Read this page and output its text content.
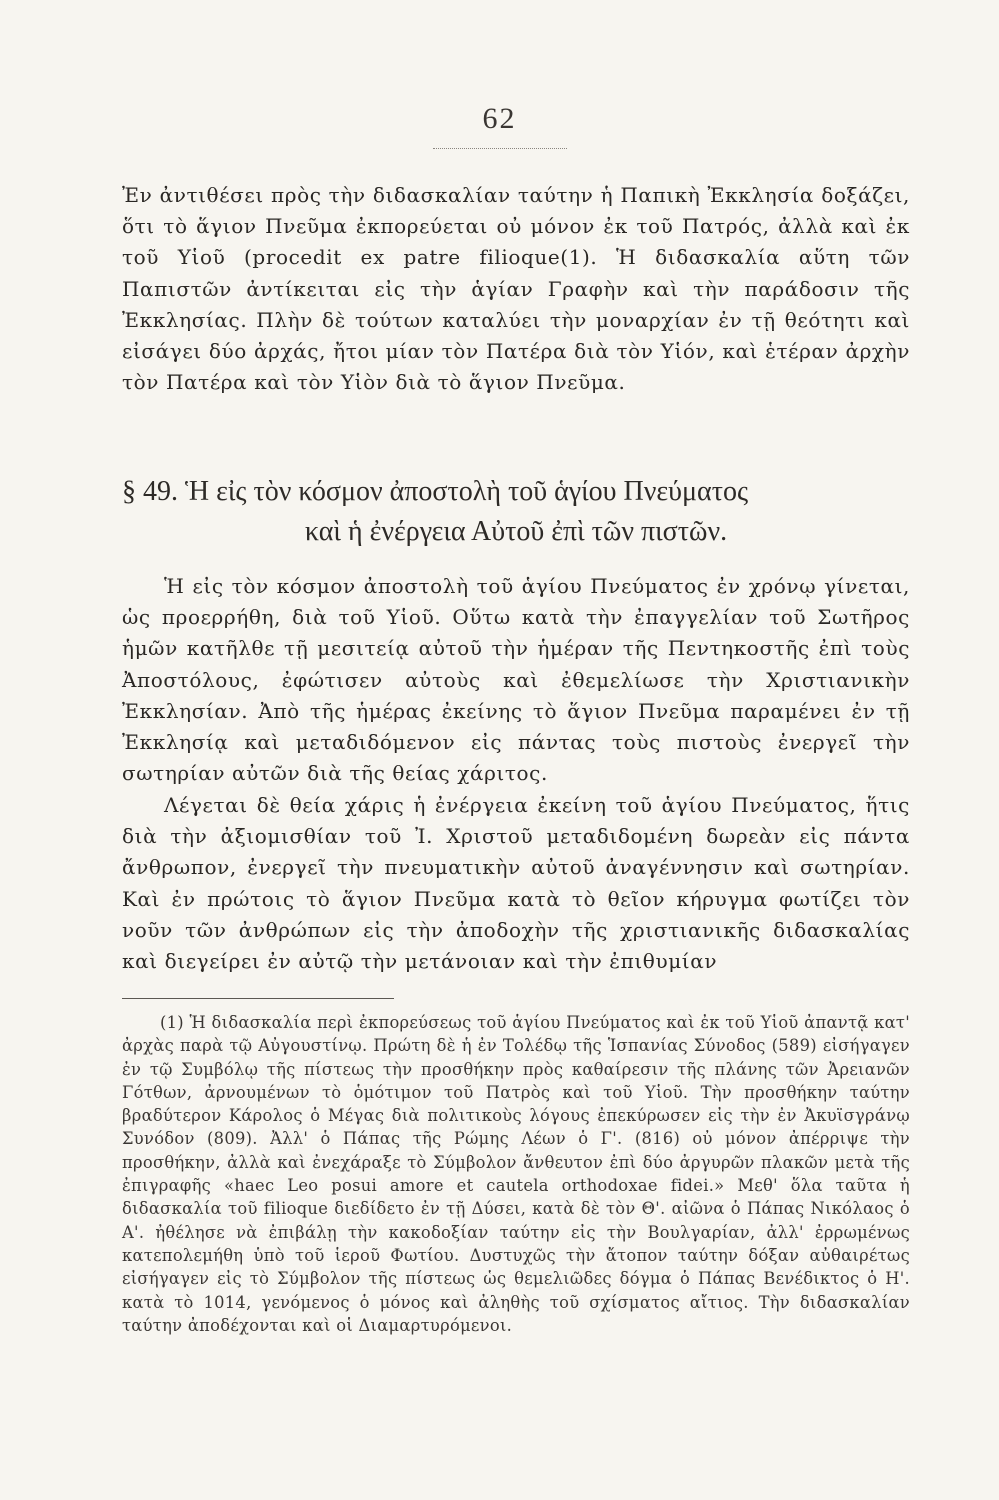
62

Ἐν ἀντιθέσει πρὸς τὴν διδασκαλίαν ταύτην ἡ Παπικὴ Ἐκκλησία δοξάζει, ὅτι τὸ ἅγιον Πνεῦμα ἐκπορεύεται οὐ μόνον ἐκ τοῦ Πατρός, ἀλλὰ καὶ ἐκ τοῦ Υἱοῦ (procedit ex patre filioque(1). Ἡ διδασκαλία αὕτη τῶν Παπιστῶν ἀντίκειται εἰς τὴν ἁγίαν Γραφὴν καὶ τὴν παράδοσιν τῆς Ἐκκλησίας. Πλὴν δὲ τούτων καταλύει τὴν μοναρχίαν ἐν τῇ θεότητι καὶ εἰσάγει δύο ἀρχάς, ἤτοι μίαν τὸν Πατέρα διὰ τὸν Υἱόν, καὶ ἑτέραν ἀρχὴν τὸν Πατέρα καὶ τὸν Υἱὸν διὰ τὸ ἅγιον Πνεῦμα.

§ 49. Ἡ εἰς τὸν κόσμον ἀποστολὴ τοῦ ἁγίου Πνεύματος
καὶ ἡ ἐνέργεια Αὐτοῦ ἐπὶ τῶν πιστῶν.

Ἡ εἰς τὸν κόσμον ἀποστολὴ τοῦ ἁγίου Πνεύματος ἐν χρόνῳ γίνεται, ὡς προερρήθη, διὰ τοῦ Υἱοῦ. Οὕτω κατὰ τὴν ἐπαγγελίαν τοῦ Σωτῆρος ἡμῶν κατῆλθε τῇ μεσιτείᾳ αὐτοῦ τὴν ἡμέραν τῆς Πεντηκοστῆς ἐπὶ τοὺς Ἀποστόλους, ἐφώτισεν αὐτοὺς καὶ ἐθεμελίωσε τὴν Χριστιανικὴν Ἐκκλησίαν. Ἀπὸ τῆς ἡμέρας ἐκείνης τὸ ἅγιον Πνεῦμα παραμένει ἐν τῇ Ἐκκλησίᾳ καὶ μεταδιδόμενον εἰς πάντας τοὺς πιστοὺς ἐνεργεῖ τὴν σωτηρίαν αὐτῶν διὰ τῆς θείας χάριτος.

Λέγεται δὲ θεία χάρις ἡ ἐνέργεια ἐκείνη τοῦ ἁγίου Πνεύματος, ἥτις διὰ τὴν ἀξιομισθίαν τοῦ Ἰ. Χριστοῦ μεταδιδομένη δωρεὰν εἰς πάντα ἄνθρωπον, ἐνεργεῖ τὴν πνευματικὴν αὐτοῦ ἀναγέννησιν καὶ σωτηρίαν. Καὶ ἐν πρώτοις τὸ ἅγιον Πνεῦμα κατὰ τὸ θεῖον κήρυγμα φωτίζει τὸν νοῦν τῶν ἀνθρώπων εἰς τὴν ἀποδοχὴν τῆς χριστιανικῆς διδασκαλίας καὶ διεγείρει ἐν αὐτῷ τὴν μετάνοιαν καὶ τὴν ἐπιθυμίαν

(1) Ἡ διδασκαλία περὶ ἐκπορεύσεως τοῦ ἁγίου Πνεύματος καὶ ἐκ τοῦ Υἱοῦ ἀπαντᾷ κατ' ἀρχὰς παρὰ τῷ Αὐγουστίνῳ. Πρώτη δὲ ἡ ἐν Τολέδῳ τῆς Ἱσπανίας Σύνοδος (589) εἰσήγαγεν ἐν τῷ Συμβόλῳ τῆς πίστεως τὴν προσθήκην πρὸς καθαίρεσιν τῆς πλάνης τῶν Ἀρειανῶν Γότθων, ἀρνουμένων τὸ ὁμότιμον τοῦ Πατρὸς καὶ τοῦ Υἱοῦ. Τὴν προσθήκην ταύτην βραδύτερον Κάρολος ὁ Μέγας διὰ πολιτικοὺς λόγους ἐπεκύρωσεν εἰς τὴν ἐν Ἀκυϊσγράνῳ Συνόδον (809). Ἀλλ' ὁ Πάπας τῆς Ρώμης Λέων ὁ Γ'. (816) οὐ μόνον ἀπέρριψε τὴν προσθήκην, ἀλλὰ καὶ ἐνεχάραξε τὸ Σύμβολον ἄνθευτον ἐπὶ δύο ἀργυρῶν πλακῶν μετὰ τῆς ἐπιγραφῆς «haec Leo posui amore et cautela orthodoxae fidei.» Μεθ' ὅλα ταῦτα ἡ διδασκαλία τοῦ filioque διεδίδετο ἐν τῇ Δύσει, κατὰ δὲ τὸν Θ'. αἰῶνα ὁ Πάπας Νικόλαος ὁ Α'. ἠθέλησε νὰ ἐπιβάλῃ τὴν κακοδοξίαν ταύτην εἰς τὴν Βουλγαρίαν, ἀλλ' ἐρρωμένως κατεπολεμήθη ὑπὸ τοῦ ἱεροῦ Φωτίου. Δυστυχῶς τὴν ἄτοπον ταύτην δόξαν αὐθαιρέτως εἰσήγαγεν εἰς τὸ Σύμβολον τῆς πίστεως ὡς θεμελιῶδες δόγμα ὁ Πάπας Βενέδικτος ὁ Η'. κατὰ τὸ 1014, γενόμενος ὁ μόνος καὶ ἀληθὴς τοῦ σχίσματος αἴτιος. Τὴν διδασκαλίαν ταύτην ἀποδέχονται καὶ οἱ Διαμαρτυρόμενοι.
